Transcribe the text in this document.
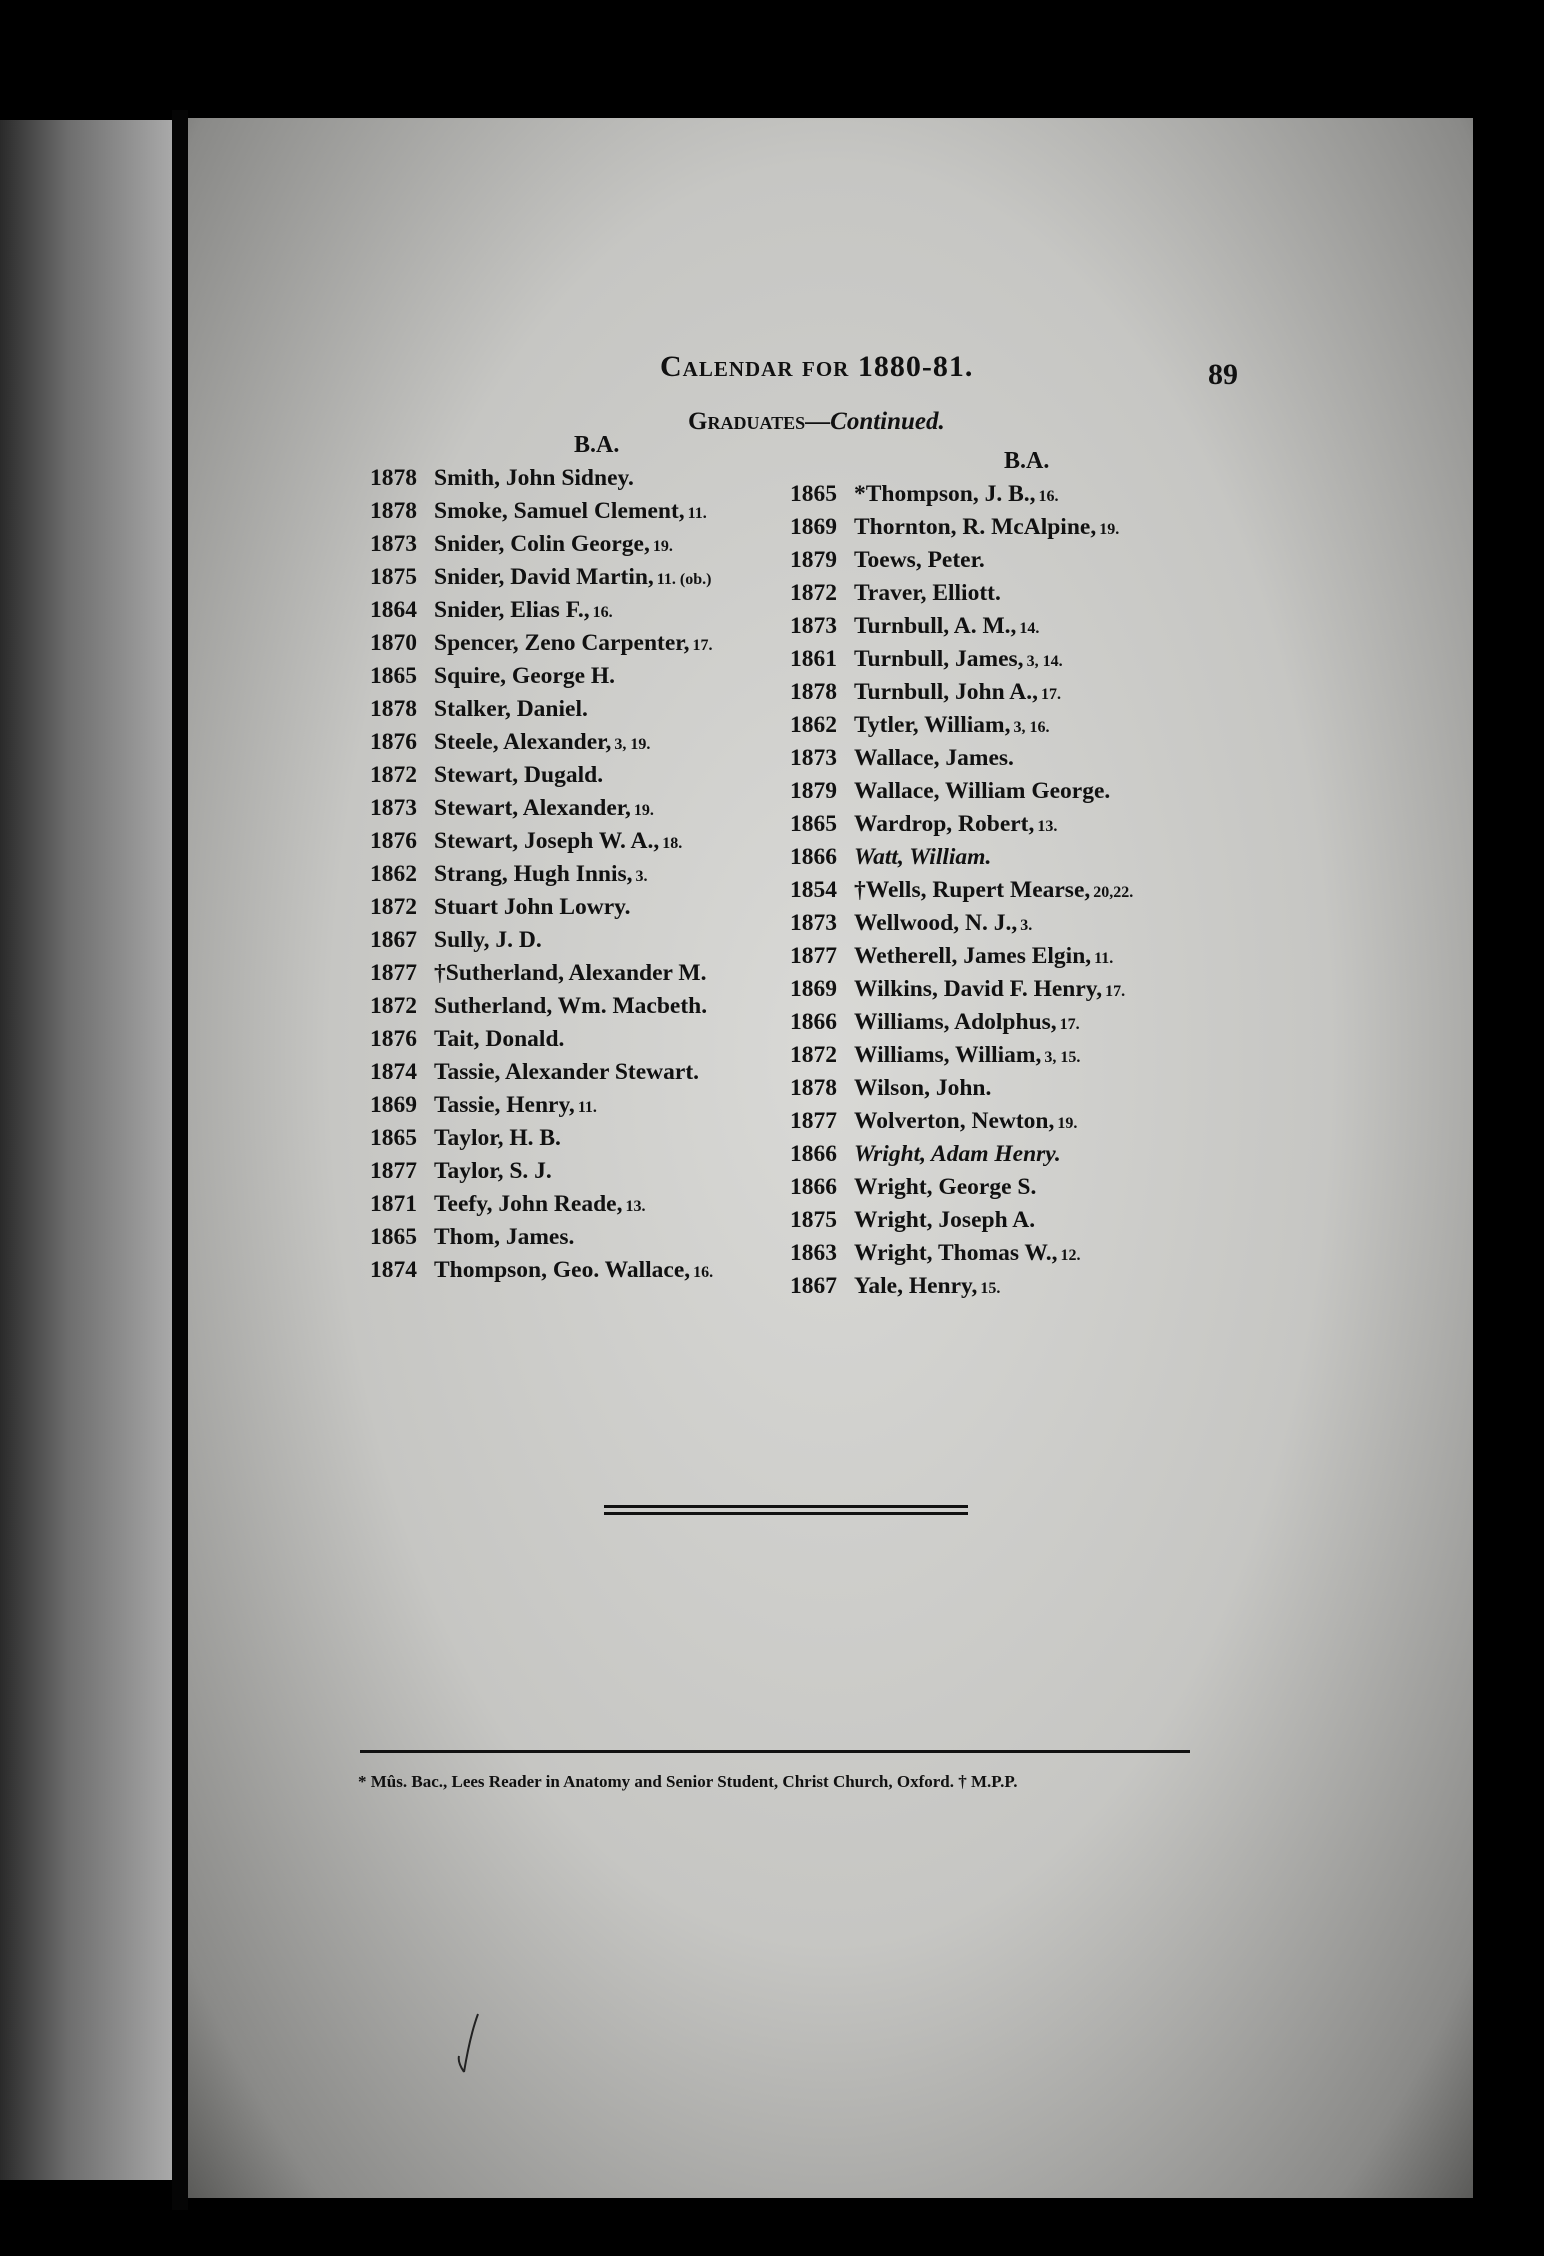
Calendar for 1880-81.	89
Graduates—Continued.
B.A.
B.A.
1878 Smith, John Sidney.
1878 Smoke, Samuel Clement, 11.
1873 Snider, Colin George, 19.
1875 Snider, David Martin, 11. (ob.)
1864 Snider, Elias F., 16.
1870 Spencer, Zeno Carpenter, 17.
1865 Squire, George H.
1878 Stalker, Daniel.
1876 Steele, Alexander, 3, 19.
1872 Stewart, Dugald.
1873 Stewart, Alexander, 19.
1876 Stewart, Joseph W. A., 18.
1862 Strang, Hugh Innis, 3.
1872 Stuart John Lowry.
1867 Sully, J. D.
1877 †Sutherland, Alexander M.
1872 Sutherland, Wm. Macbeth.
1876 Tait, Donald.
1874 Tassie, Alexander Stewart.
1869 Tassie, Henry, 11.
1865 Taylor, H. B.
1877 Taylor, S. J.
1871 Teefy, John Reade, 13.
1865 Thom, James.
1874 Thompson, Geo. Wallace, 16.
1865 *Thompson, J. B., 16.
1869 Thornton, R. McAlpine, 19.
1879 Toews, Peter.
1872 Traver, Elliott.
1873 Turnbull, A. M., 14.
1861 Turnbull, James, 3, 14.
1878 Turnbull, John A., 17.
1862 Tytler, William, 3, 16.
1873 Wallace, James.
1879 Wallace, William George.
1865 Wardrop, Robert, 13.
1866 Watt, William.
1854 †Wells, Rupert Mearse, 20,22.
1873 Wellwood, N. J., 3.
1877 Wetherell, James Elgin, 11.
1869 Wilkins, David F. Henry, 17.
1866 Williams, Adolphus, 17.
1872 Williams, William, 3, 15.
1878 Wilson, John.
1877 Wolverton, Newton, 19.
1866 Wright, Adam Henry.
1866 Wright, George S.
1875 Wright, Joseph A.
1863 Wright, Thomas W., 12.
1867 Yale, Henry, 15.
* Mûs. Bac., Lees Reader in Anatomy and Senior Student, Christ Church, Oxford. † M.P.P.
